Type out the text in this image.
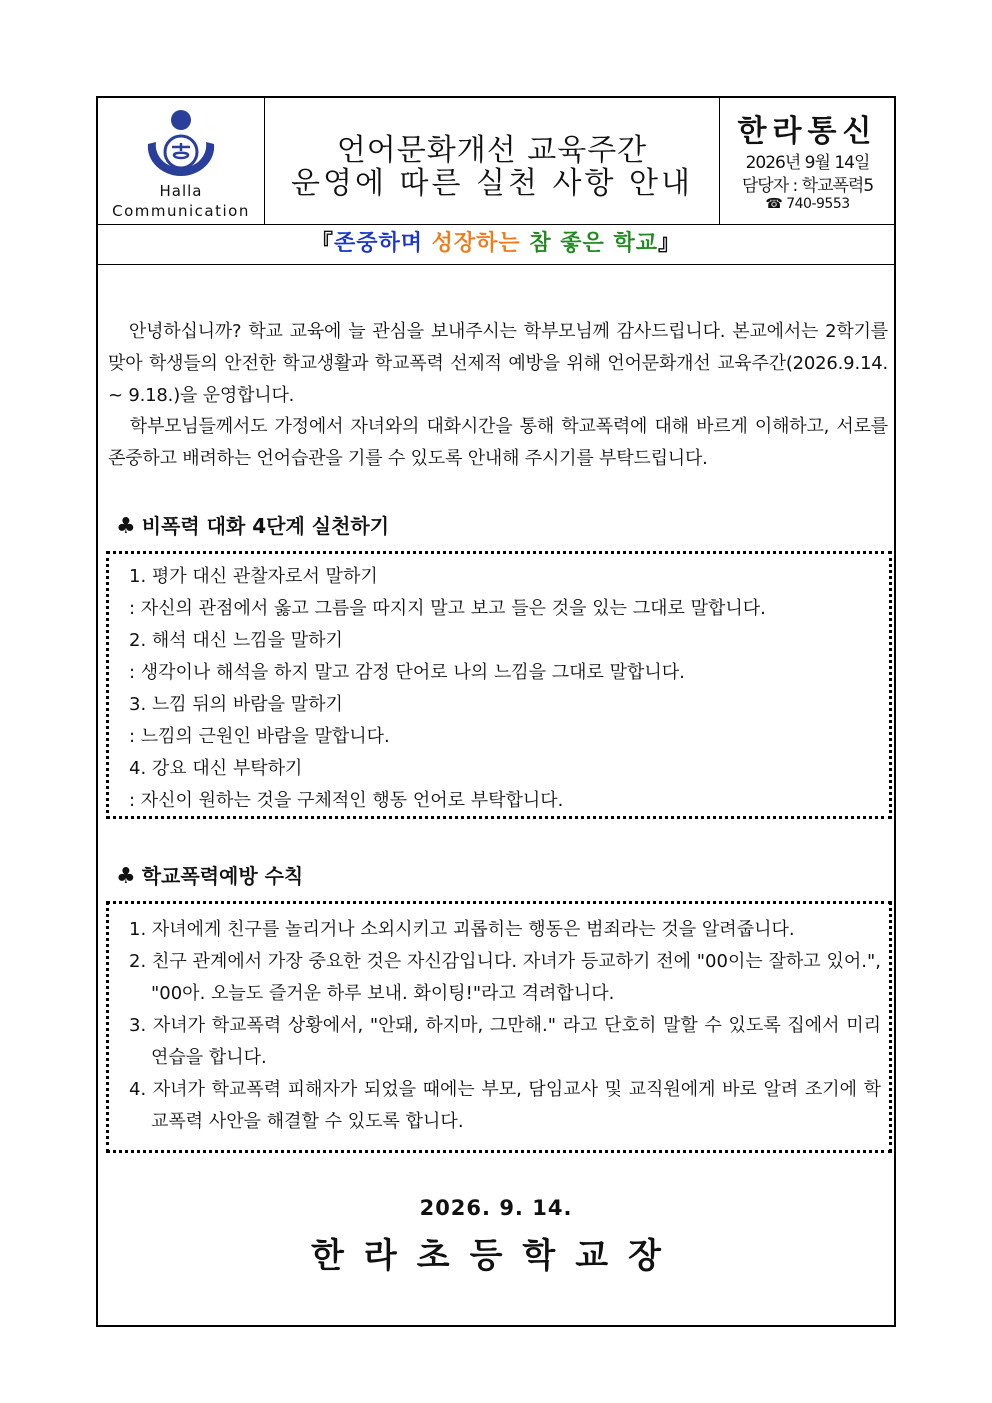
Halla
Communication
언어문화개선 교육주간
운영에 따른 실천 사항 안내
한라통신
2026년 9월 14일
담당자 : 학교폭력5
☎ 740-9553
『존중하며 성장하는 참 좋은 학교』
안녕하십니까? 학교 교육에 늘 관심을 보내주시는 학부모님께 감사드립니다. 본교에서는 2학기를 맞아 학생들의 안전한 학교생활과 학교폭력 선제적 예방을 위해 언어문화개선 교육주간(2026.9.14. ~ 9.18.)을 운영합니다.
학부모님들께서도 가정에서 자녀와의 대화시간을 통해 학교폭력에 대해 바르게 이해하고, 서로를 존중하고 배려하는 언어습관을 기를 수 있도록 안내해 주시기를 부탁드립니다.
♣ 비폭력 대화 4단계 실천하기
1. 평가 대신 관찰자로서 말하기
: 자신의 관점에서 옳고 그름을 따지지 말고 보고 들은 것을 있는 그대로 말합니다.
2. 해석 대신 느낌을 말하기
: 생각이나 해석을 하지 말고 감정 단어로 나의 느낌을 그대로 말합니다.
3. 느낌 뒤의 바람을 말하기
: 느낌의 근원인 바람을 말합니다.
4. 강요 대신 부탁하기
: 자신이 원하는 것을 구체적인 행동 언어로 부탁합니다.
♣ 학교폭력예방 수칙
1. 자녀에게 친구를 놀리거나 소외시키고 괴롭히는 행동은 범죄라는 것을 알려줍니다.
2. 친구 관계에서 가장 중요한 것은 자신감입니다. 자녀가 등교하기 전에 "00이는 잘하고 있어.", "00아. 오늘도 즐거운 하루 보내. 화이팅!"라고 격려합니다.
3. 자녀가 학교폭력 상황에서, "안돼, 하지마, 그만해." 라고 단호히 말할 수 있도록 집에서 미리 연습을 합니다.
4. 자녀가 학교폭력 피해자가 되었을 때에는 부모, 담임교사 및 교직원에게 바로 알려 조기에 학교폭력 사안을 해결할 수 있도록 합니다.
2026. 9. 14.
한라초등학교장
